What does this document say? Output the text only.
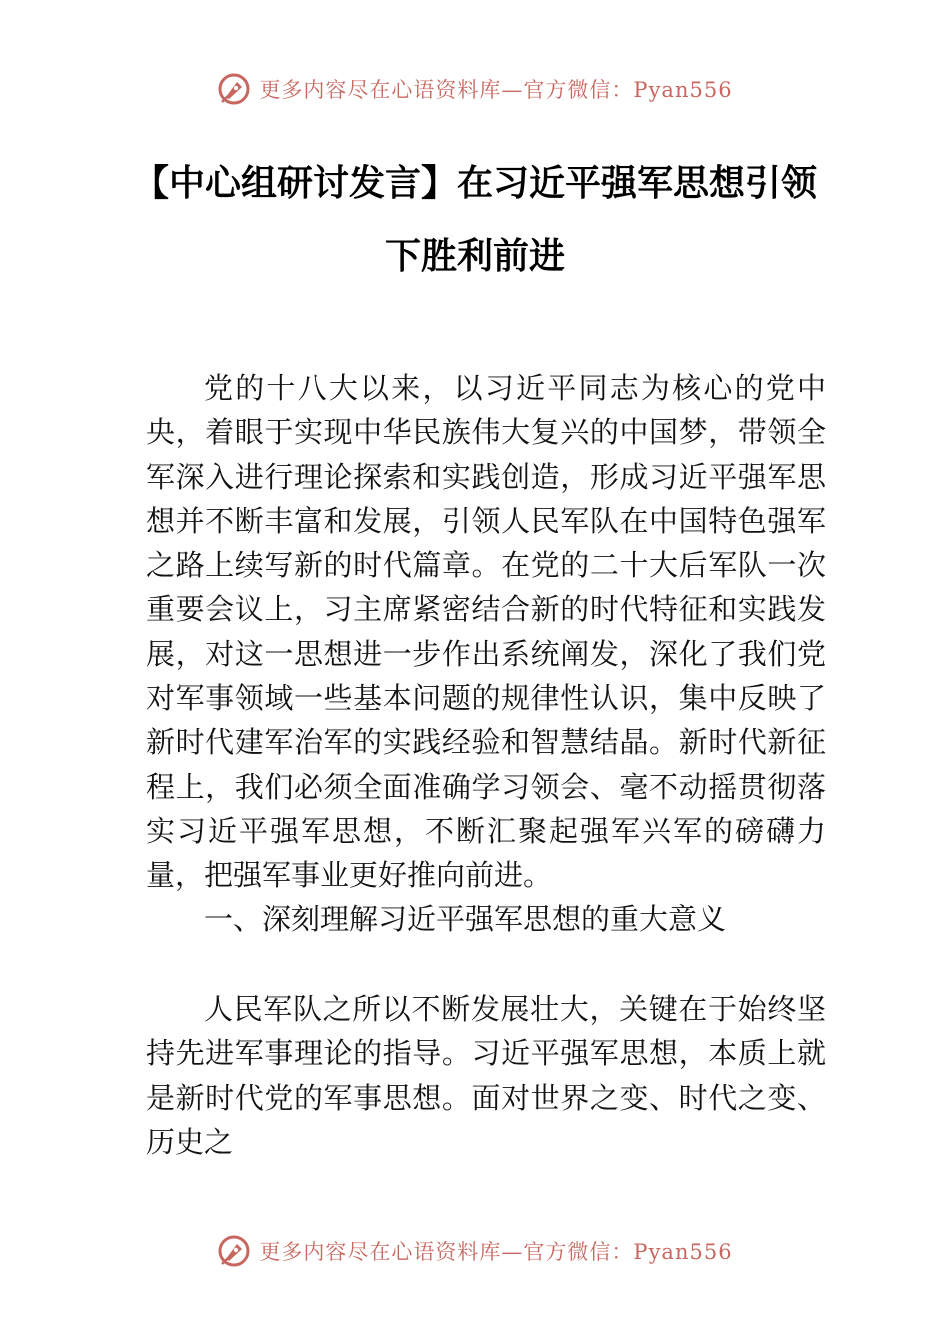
更多内容尽在心语资料库—官方微信：Pyan556
【中心组研讨发言】在习近平强军思想引领
下胜利前进

党的十八大以来，以习近平同志为核心的党中央，着眼于实现中华民族伟大复兴的中国梦，带领全军深入进行理论探索和实践创造，形成习近平强军思想并不断丰富和发展，引领人民军队在中国特色强军之路上续写新的时代篇章。在党的二十大后军队一次重要会议上，习主席紧密结合新的时代特征和实践发展，对这一思想进一步作出系统阐发，深化了我们党对军事领域一些基本问题的规律性认识，集中反映了新时代建军治军的实践经验和智慧结晶。新时代新征程上，我们必须全面准确学习领会、毫不动摇贯彻落实习近平强军思想，不断汇聚起强军兴军的磅礴力量，把强军事业更好推向前进。

一、深刻理解习近平强军思想的重大意义

人民军队之所以不断发展壮大，关键在于始终坚持先进军事理论的指导。习近平强军思想，本质上就是新时代党的军事思想。面对世界之变、时代之变、历史之

更多内容尽在心语资料库—官方微信：Pyan556
